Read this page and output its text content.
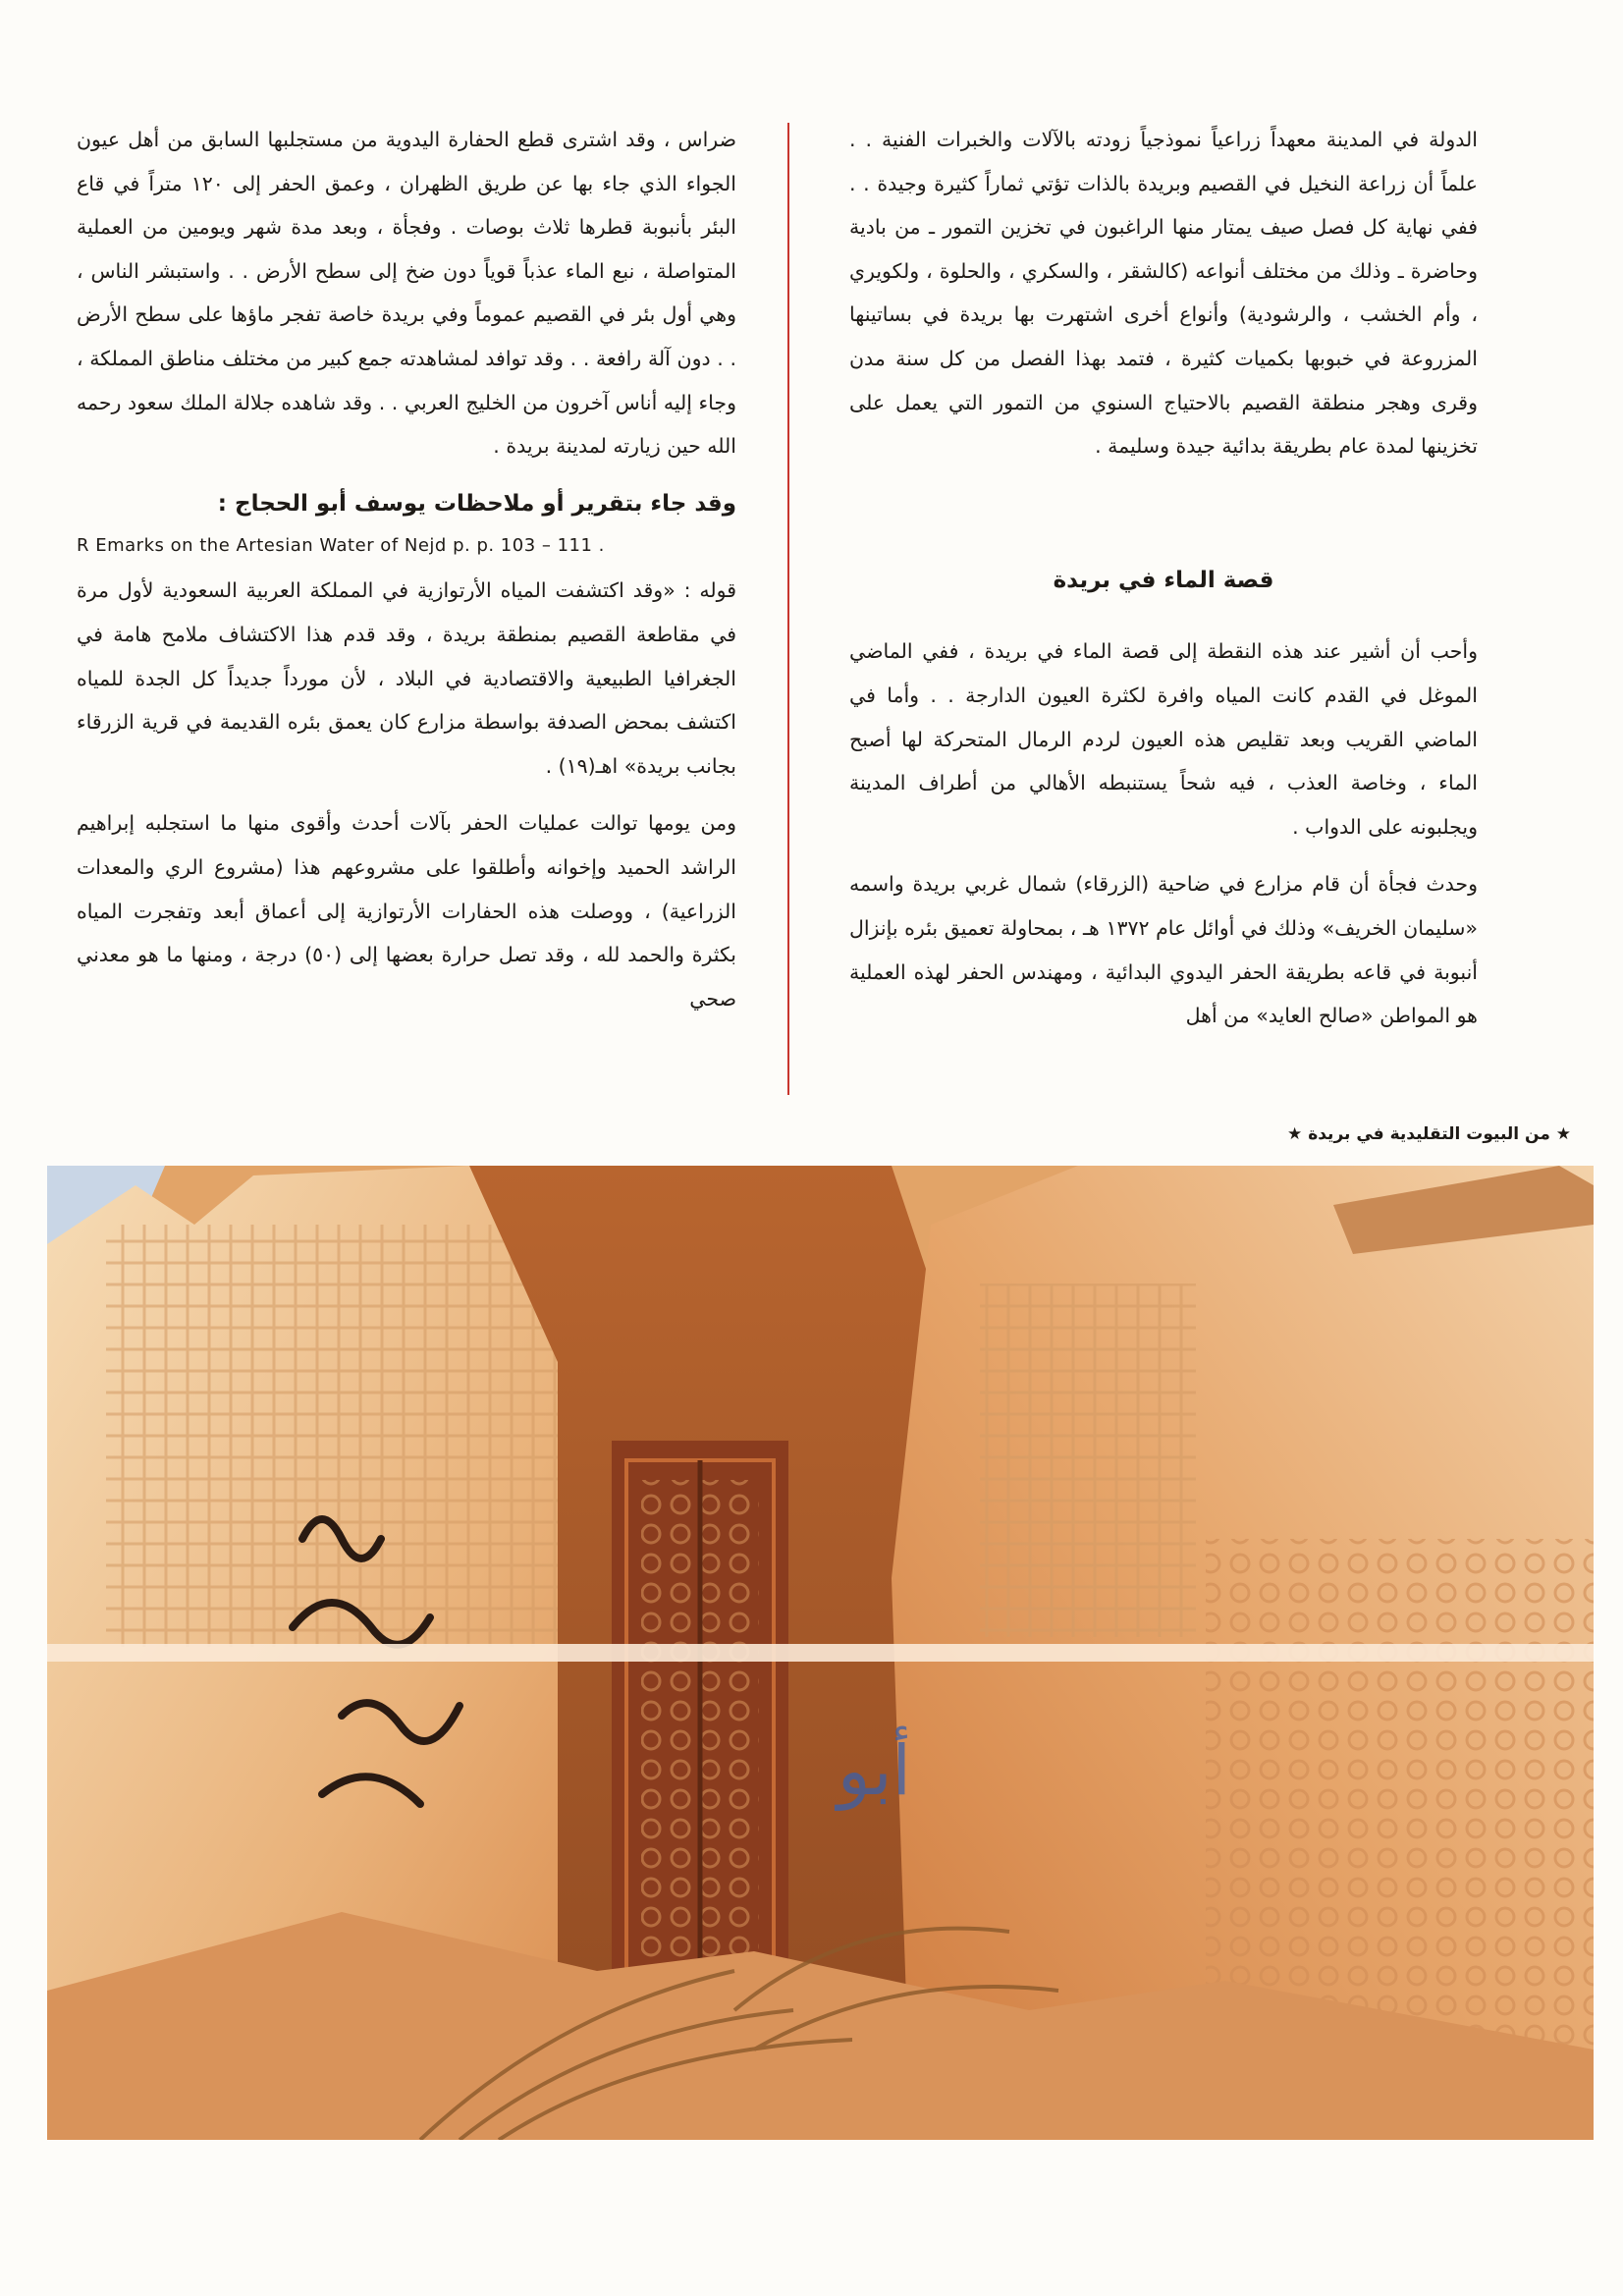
الدولة في المدينة معهداً زراعياً نموذجياً زودته بالآلات والخبرات الفنية . . علماً أن زراعة النخيل في القصيم وبريدة بالذات تؤتي ثماراً كثيرة وجيدة . . ففي نهاية كل فصل صيف يمتار منها الراغبون في تخزين التمور ـ من بادية وحاضرة ـ وذلك من مختلف أنواعه (كالشقر ، والسكري ، والحلوة ، ولكويري ، وأم الخشب ، والرشودية) وأنواع أخرى اشتهرت بها بريدة في بساتينها المزروعة في خبوبها بكميات كثيرة ، فتمد بهذا الفصل من كل سنة مدن وقرى وهجر منطقة القصيم بالاحتياج السنوي من التمور التي يعمل على تخزينها لمدة عام بطريقة بدائية جيدة وسليمة .

قصة الماء في بريدة

وأحب أن أشير عند هذه النقطة إلى قصة الماء في بريدة ، ففي الماضي الموغل في القدم كانت المياه وافرة لكثرة العيون الدارجة . . وأما في الماضي القريب وبعد تقليص هذه العيون لردم الرمال المتحركة لها أصبح الماء ، وخاصة العذب ، فيه شحاً يستنبطه الأهالي من أطراف المدينة ويجلبونه على الدواب .

وحدث فجأة أن قام مزارع في ضاحية (الزرقاء) شمال غربي بريدة واسمه «سليمان الخريف» وذلك في أوائل عام ١٣٧٢ هـ ، بمحاولة تعميق بئره بإنزال أنبوبة في قاعه بطريقة الحفر اليدوي البدائية ، ومهندس الحفر لهذه العملية هو المواطن «صالح العايد» من أهل

ضراس ، وقد اشترى قطع الحفارة اليدوية من مستجلبها السابق من أهل عيون الجواء الذي جاء بها عن طريق الظهران ، وعمق الحفر إلى ١٢٠ متراً في قاع البئر بأنبوبة قطرها ثلاث بوصات . وفجأة ، وبعد مدة شهر ويومين من العملية المتواصلة ، نبع الماء عذباً قوياً دون ضخ إلى سطح الأرض . . واستبشر الناس ، وهي أول بئر في القصيم عموماً وفي بريدة خاصة تفجر ماؤها على سطح الأرض . . دون آلة رافعة . . وقد توافد لمشاهدته جمع كبير من مختلف مناطق المملكة ، وجاء إليه أناس آخرون من الخليج العربي . . وقد شاهده جلالة الملك سعود رحمه الله حين زيارته لمدينة بريدة .

وقد جاء بتقرير أو ملاحظات يوسف أبو الحجاج :

R Emarks on the Artesian Water of Nejd p. p. 103 – 111 .

قوله : «وقد اكتشفت المياه الأرتوازية في المملكة العربية السعودية لأول مرة في مقاطعة القصيم بمنطقة بريدة ، وقد قدم هذا الاكتشاف ملامح هامة في الجغرافيا الطبيعية والاقتصادية في البلاد ، لأن مورداً جديداً كل الجدة للمياه اكتشف بمحض الصدفة بواسطة مزارع كان يعمق بئره القديمة في قرية الزرقاء بجانب بريدة» اهـ(١٩) .

ومن يومها توالت عمليات الحفر بآلات أحدث وأقوى منها ما استجلبه إبراهيم الراشد الحميد وإخوانه وأطلقوا على مشروعهم هذا (مشروع الري والمعدات الزراعية) ، ووصلت هذه الحفارات الأرتوازية إلى أعماق أبعد وتفجرت المياه بكثرة والحمد لله ، وقد تصل حرارة بعضها إلى (٥٠) درجة ، ومنها ما هو معدني صحي

★ من البيوت التقليدية في بريدة ★
أبو
